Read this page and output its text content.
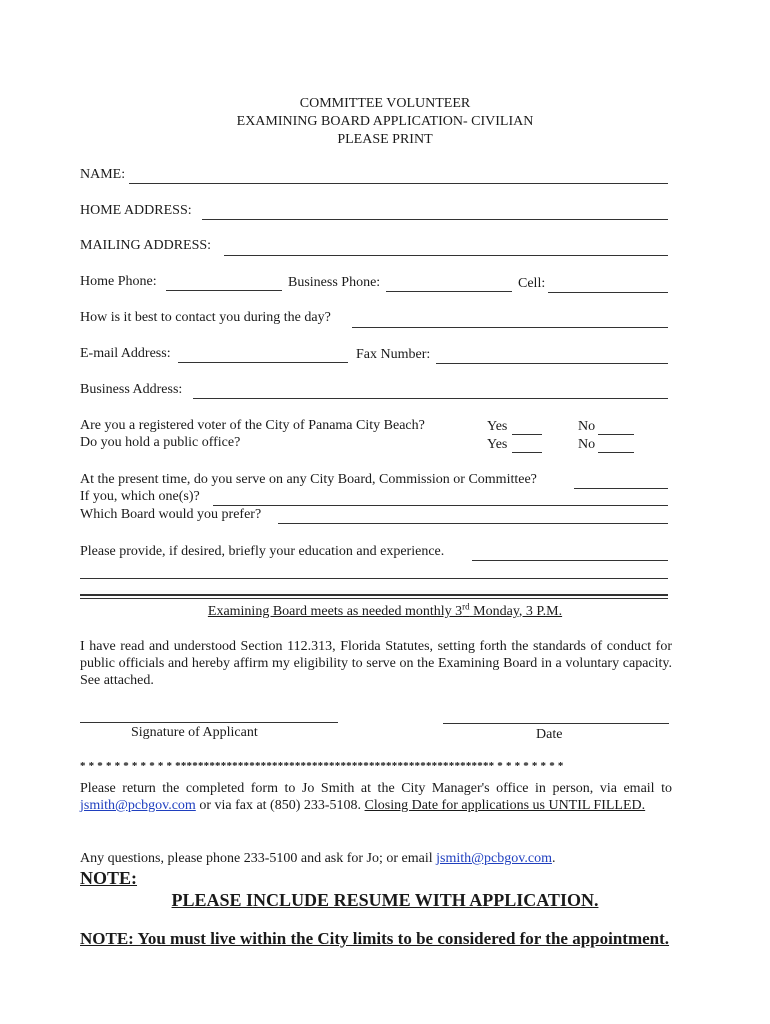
COMMITTEE VOLUNTEER
EXAMINING BOARD APPLICATION- CIVILIAN
PLEASE PRINT
NAME:
HOME ADDRESS:
MAILING ADDRESS:
Home Phone:	Business Phone:	Cell:
How is it best to contact you during the day?
E-mail Address:	Fax Number:
Business Address:
Are you a registered voter of the City of Panama City Beach?	Yes	No
Do you hold a public office?	Yes	No
At the present time, do you serve on any City Board, Commission or Committee?
If you, which one(s)?
Which Board would you prefer?
Please provide, if desired, briefly your education and experience.
Examining Board meets as needed monthly 3rd Monday, 3 P.M.
I have read and understood Section 112.313, Florida Statutes, setting forth the standards of conduct for public officials and hereby affirm my eligibility to serve on the Examining Board in a voluntary capacity. See attached.
Signature of Applicant	Date
* * * * * * * * * * * ******************************************************** * * * * * * * *
Please return the completed form to Jo Smith at the City Manager's office in person, via email to jsmith@pcbgov.com or via fax at (850) 233-5108. Closing Date for applications us UNTIL FILLED.
Any questions, please phone 233-5100 and ask for Jo; or email jsmith@pcbgov.com.
NOTE:
PLEASE INCLUDE RESUME WITH APPLICATION.
NOTE: You must live within the City limits to be considered for the appointment.
